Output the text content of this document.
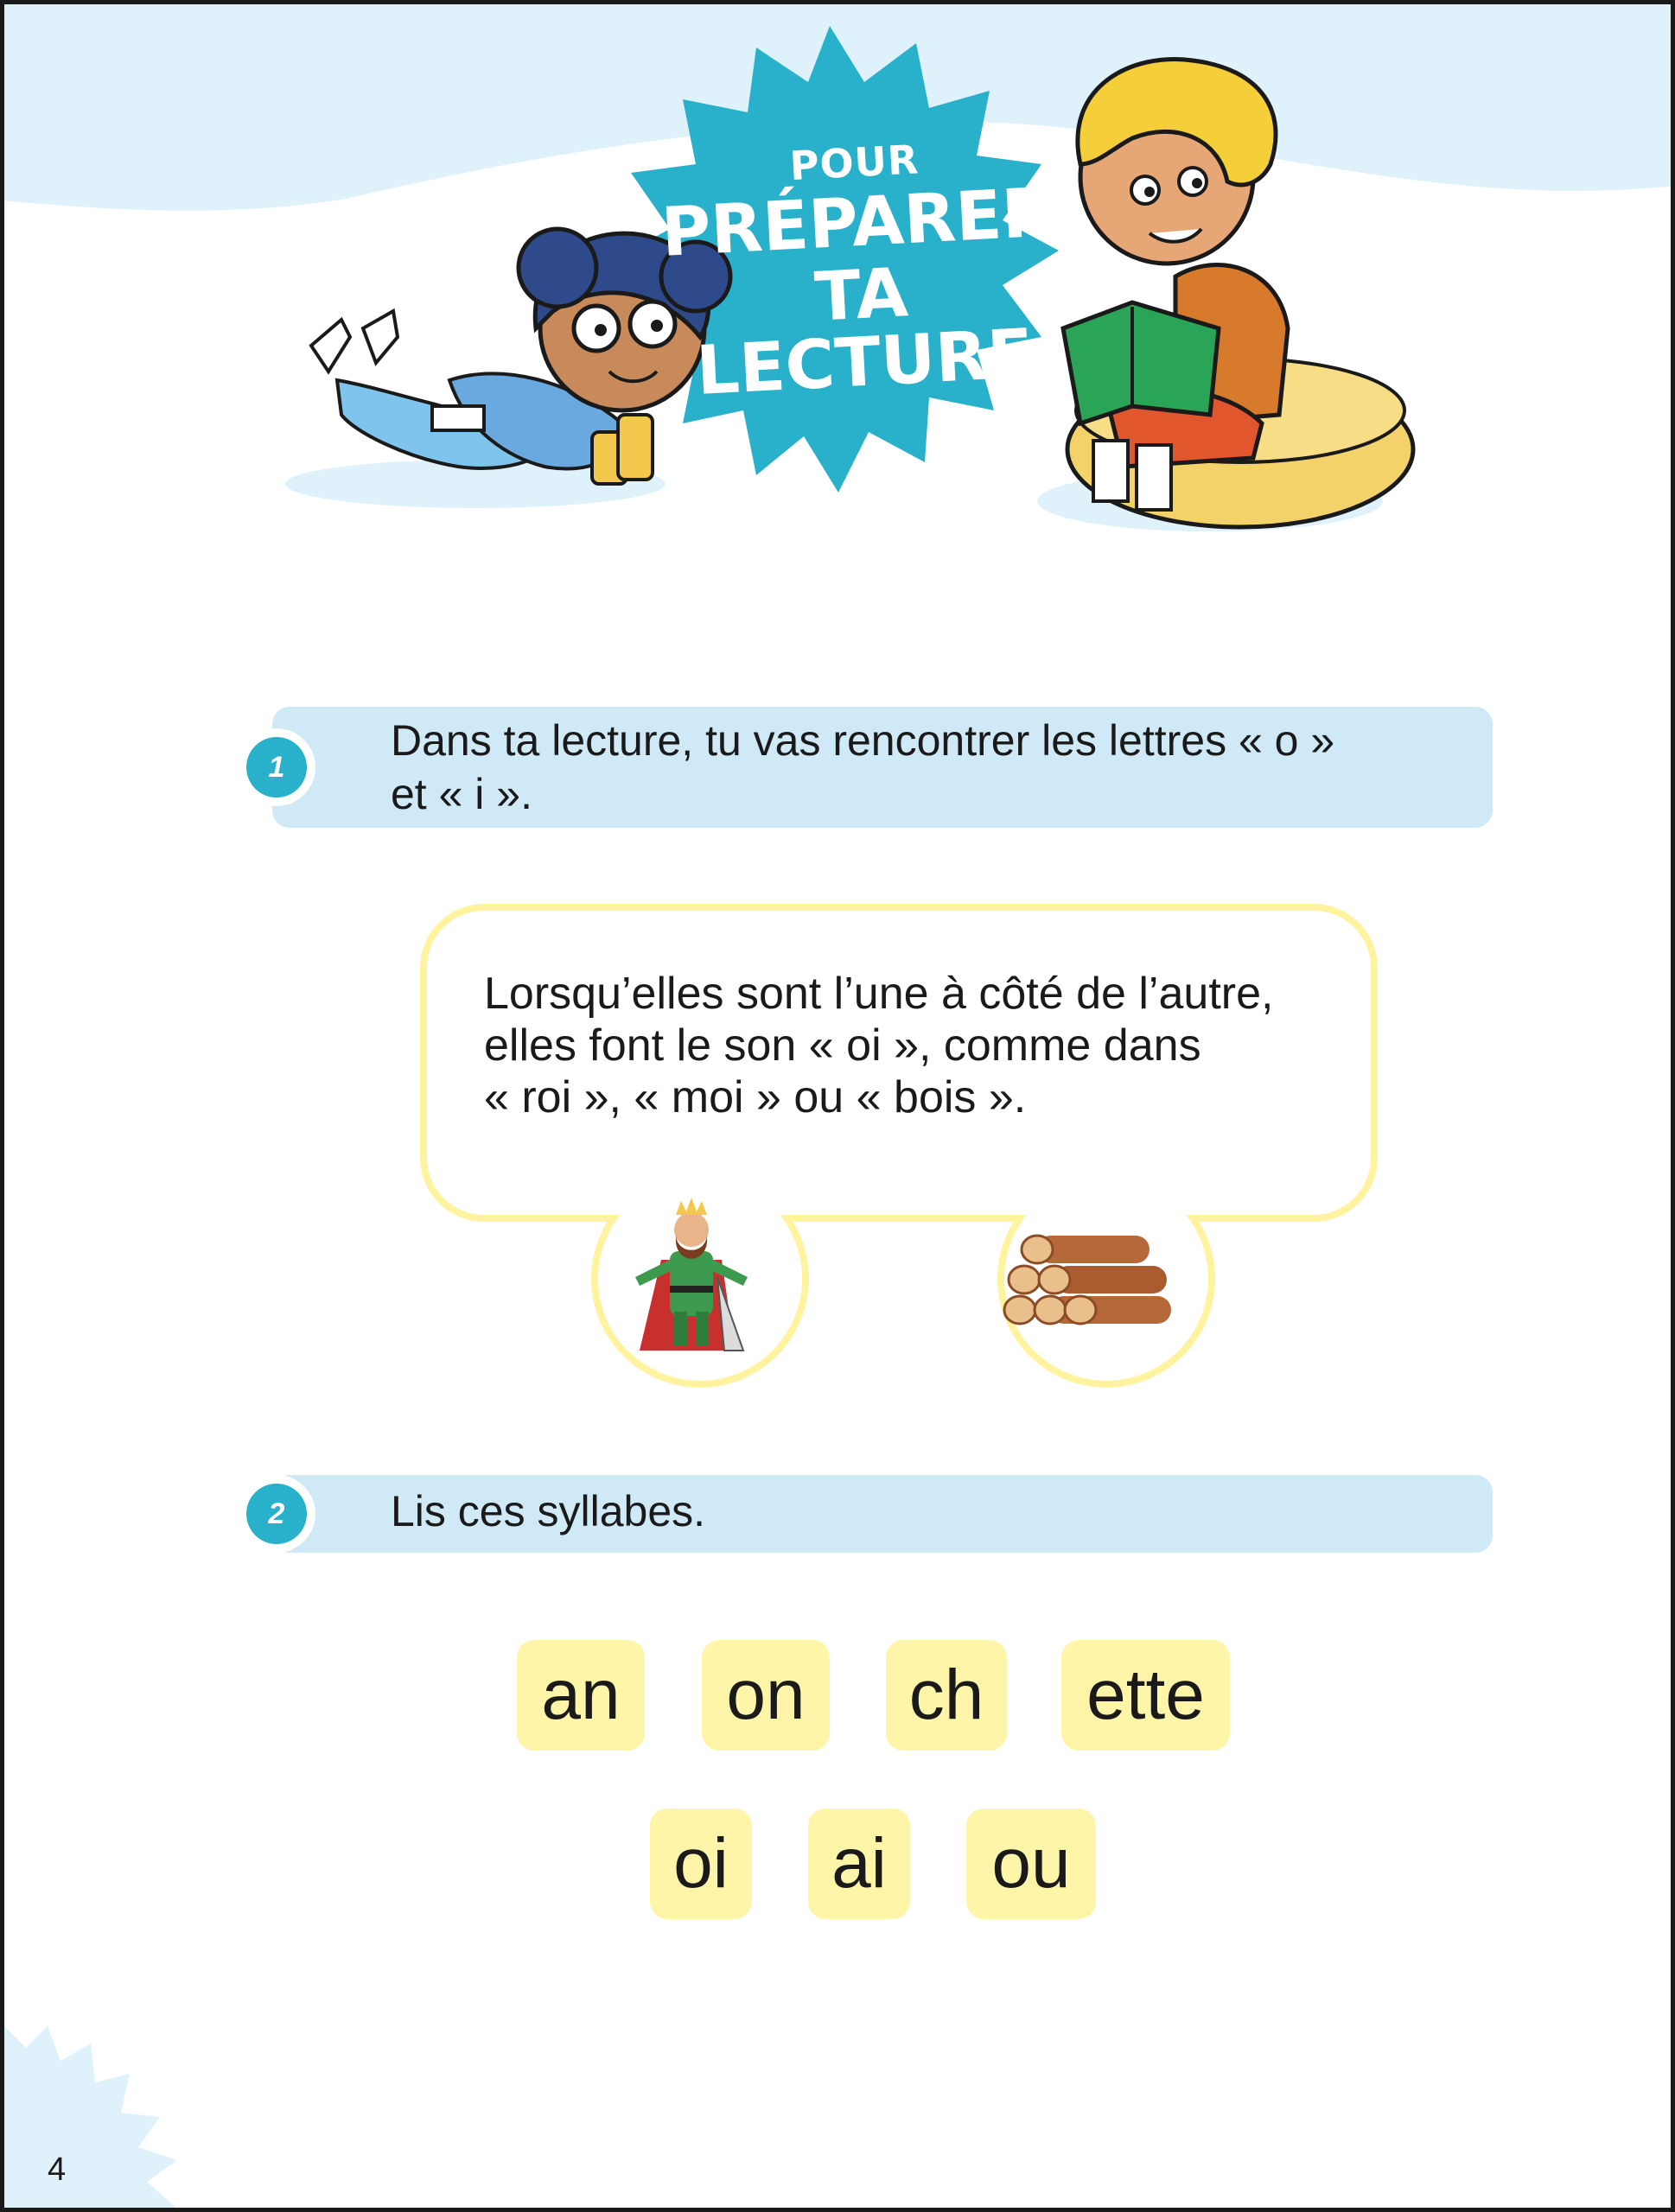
POUR
PRÉPARER
TA LECTURE
1
Dans ta lecture, tu vas rencontrer les lettres « o »
et « i ».
Lorsqu’elles sont l’une à côté de l’autre,
elles font le son « oi », comme dans
« roi », « moi » ou « bois ».
2	Lis ces syllabes.
an	on	ch	ette
oi	ai	ou
4
